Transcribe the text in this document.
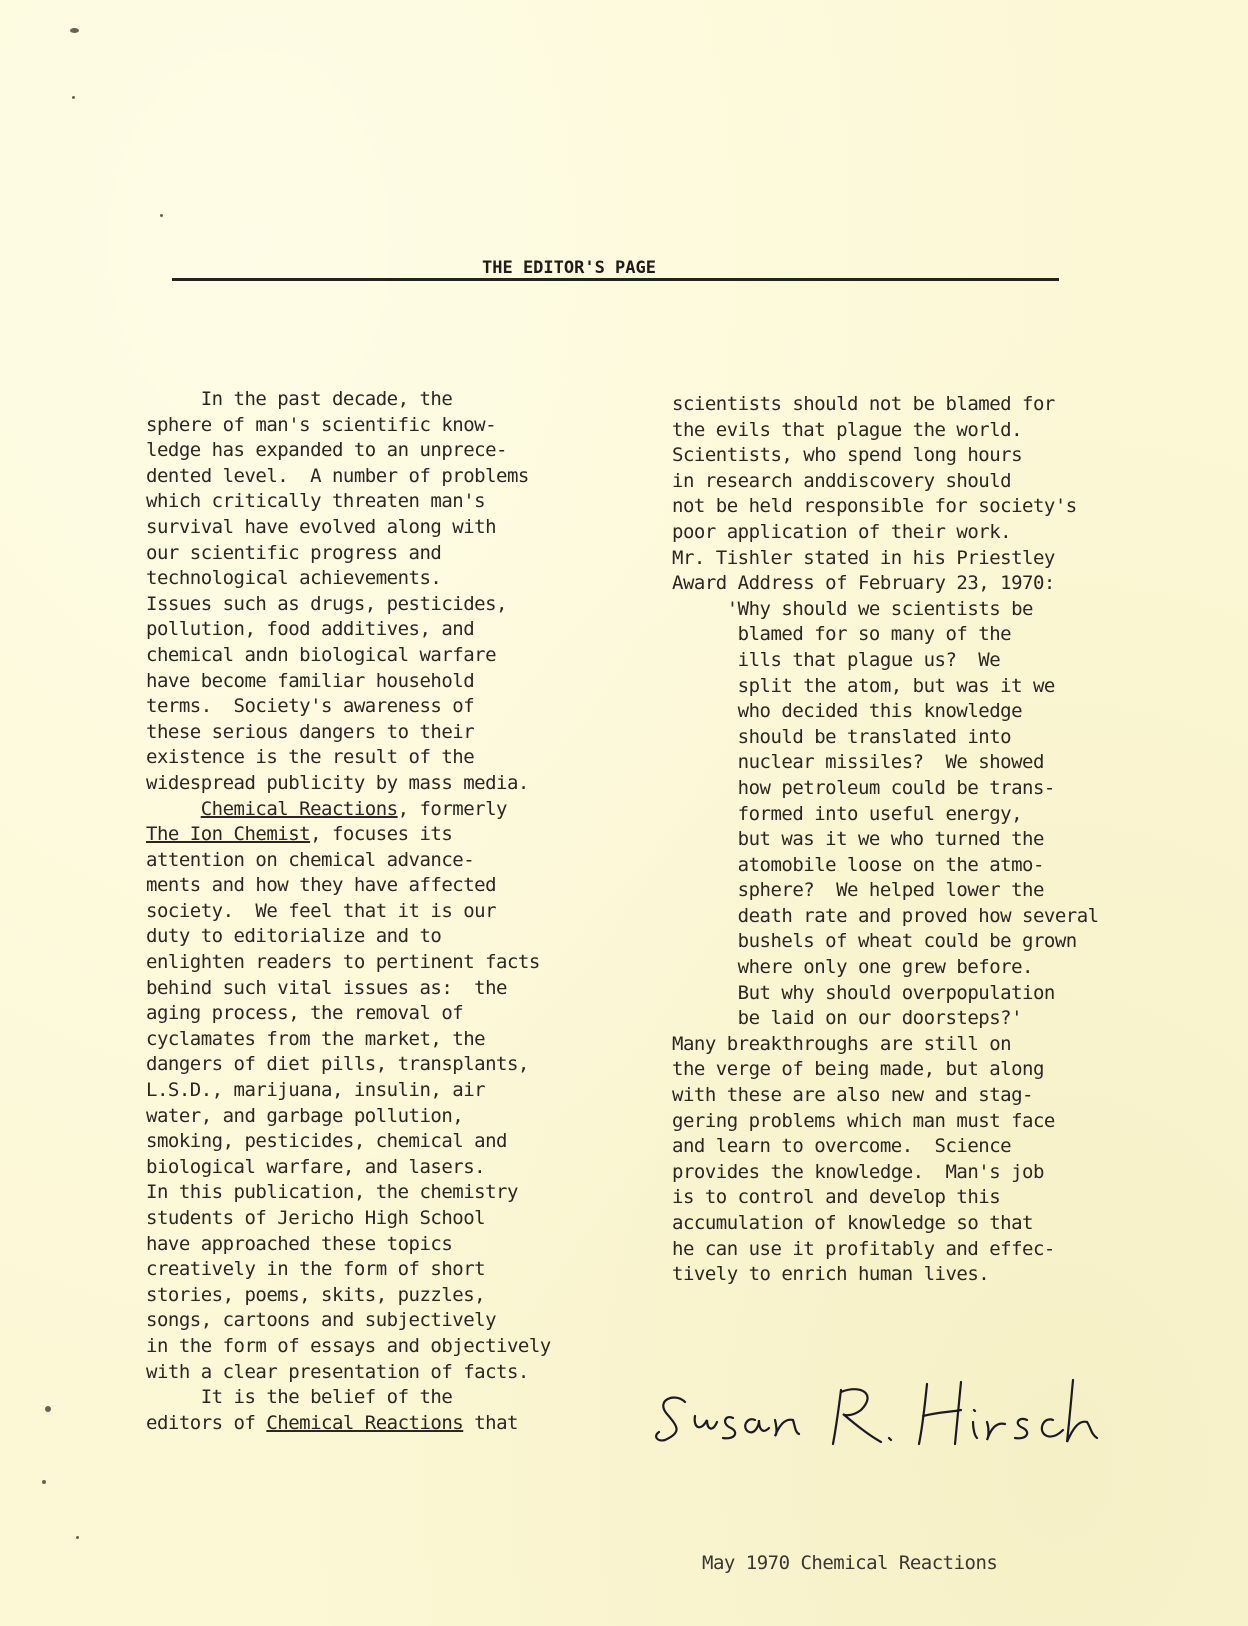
THE EDITOR'S PAGE
In the past decade, the
sphere of man's scientific know-
ledge has expanded to an unprece-
dented level.  A number of problems
which critically threaten man's
survival have evolved along with
our scientific progress and
technological achievements.
Issues such as drugs, pesticides,
pollution, food additives, and
chemical andn biological warfare
have become familiar household
terms.  Society's awareness of
these serious dangers to their
existence is the result of the
widespread publicity by mass media.
Chemical Reactions, formerly
The Ion Chemist, focuses its
attention on chemical advance-
ments and how they have affected
society.  We feel that it is our
duty to editorialize and to
enlighten readers to pertinent facts
behind such vital issues as:  the
aging process, the removal of
cyclamates from the market, the
dangers of diet pills, transplants,
L.S.D., marijuana, insulin, air
water, and garbage pollution,
smoking, pesticides, chemical and
biological warfare, and lasers.
In this publication, the chemistry
students of Jericho High School
have approached these topics
creatively in the form of short
stories, poems, skits, puzzles,
songs, cartoons and subjectively
in the form of essays and objectively
with a clear presentation of facts.
It is the belief of the
editors of Chemical Reactions that
scientists should not be blamed for
the evils that plague the world.
Scientists, who spend long hours
in research anddiscovery should
not be held responsible for society's
poor application of their work.
Mr. Tishler stated in his Priestley
Award Address of February 23, 1970:
'Why should we scientists be
blamed for so many of the
ills that plague us?  We
split the atom, but was it we
who decided this knowledge
should be translated into
nuclear missiles?  We showed
how petroleum could be trans-
formed into useful energy,
but was it we who turned the
atomobile loose on the atmo-
sphere?  We helped lower the
death rate and proved how several
bushels of wheat could be grown
where only one grew before.
But why should overpopulation
be laid on our doorsteps?'
Many breakthroughs are still on
the verge of being made, but along
with these are also new and stag-
gering problems which man must face
and learn to overcome.  Science
provides the knowledge.  Man's job
is to control and develop this
accumulation of knowledge so that
he can use it profitably and effec-
tively to enrich human lives.
May 1970 Chemical Reactions
